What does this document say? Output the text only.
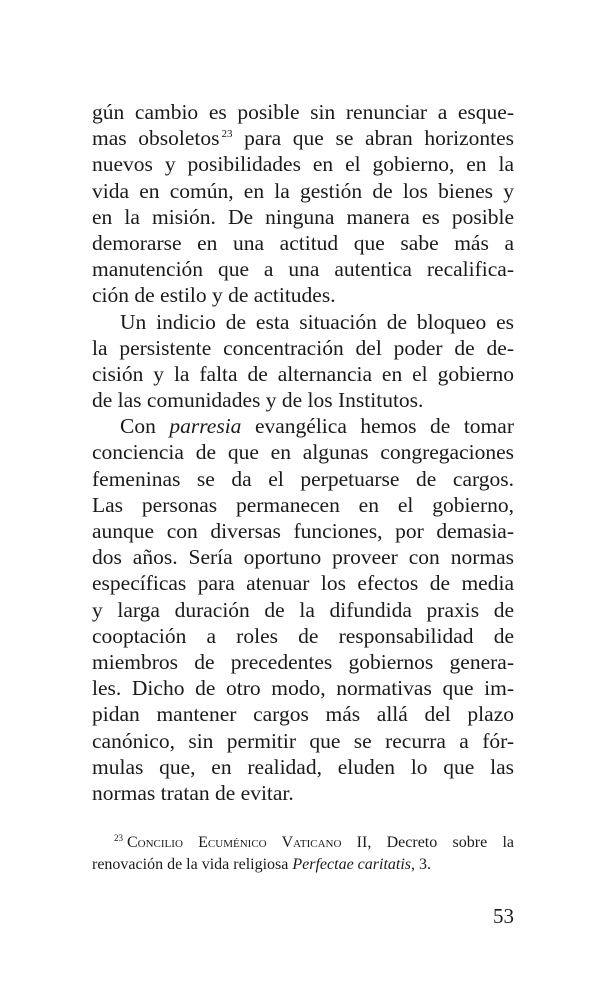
gún cambio es posible sin renunciar a esque-
mas obsoletos $^{23}$ para que se abran horizontes
nuevos y posibilidades en el gobierno, en la
vida en común, en la gestión de los bienes y
en la misión. De ninguna manera es posible
demorarse en una actitud que sabe más a
manutención que a una autentica recalifica-
ción de estilo y de actitudes.
Un indicio de esta situación de bloqueo es
la persistente concentración del poder de de-
cisión y la falta de alternancia en el gobierno
de las comunidades y de los Institutos.
Con parresia evangélica hemos de tomar
conciencia de que en algunas congregaciones
femeninas se da el perpetuarse de cargos.
Las personas permanecen en el gobierno,
aunque con diversas funciones, por demasia-
dos años. Sería oportuno proveer con normas
específicas para atenuar los efectos de media
y larga duración de la difundida praxis de
cooptación a roles de responsabilidad de
miembros de precedentes gobiernos genera-
les. Dicho de otro modo, normativas que im-
pidan mantener cargos más allá del plazo
canónico, sin permitir que se recurra a fór-
mulas que, en realidad, eluden lo que las
normas tratan de evitar.
$^{23}$ Concilio Ecuménico Vaticano II, Decreto sobre la
renovación de la vida religiosa Perfectae caritatis, 3.
53
